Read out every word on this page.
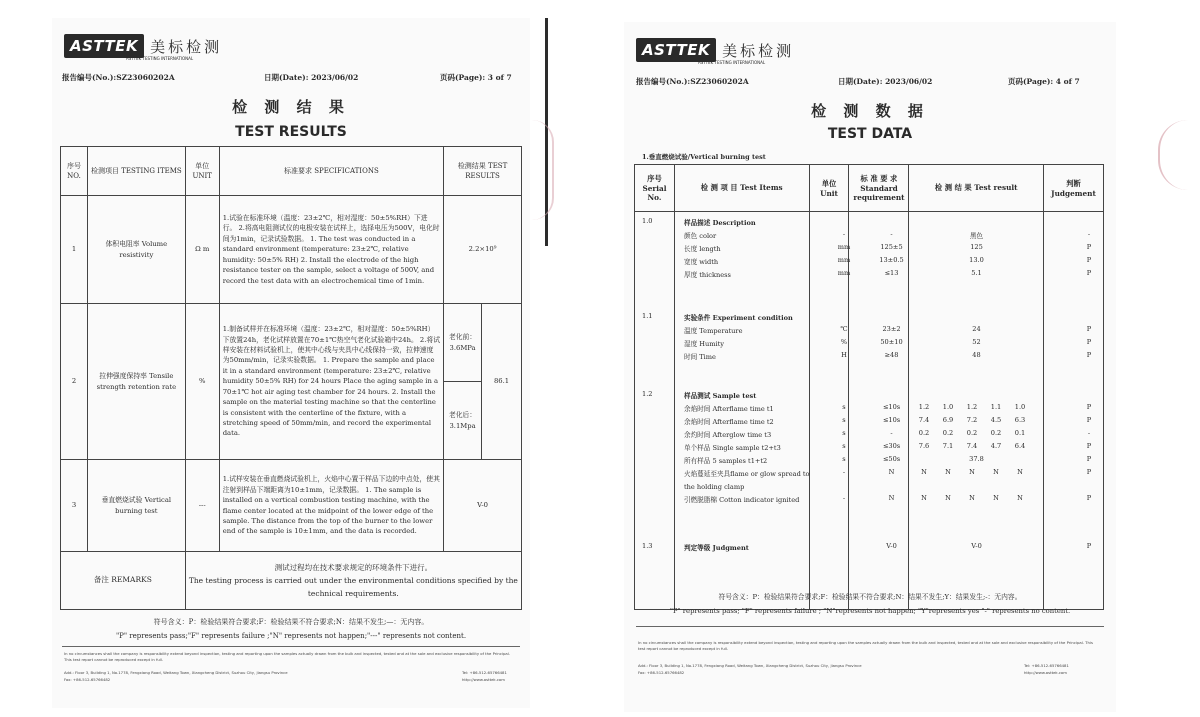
ASTTEK 美标检测
ASTTEK TESTING INTERNATIONAL
报告编号(No.):SZ23060202A	日期(Date): 2023/06/02	页码(Page): 3 of 7
检 测 结 果
TEST RESULTS
序号 NO.	检测项目 TESTING ITEMS	单位 UNIT	标准要求 SPECIFICATIONS	检测结果 TEST RESULTS	
1	体积电阻率 Volume resistivity	Ω m	1.试验在标准环境（温度：23±2℃，相对湿度：50±5%RH）下进行。 2.将高电阻测试仪的电极安装在试样上，选择电压为500V，电化时间为1min，记录试验数据。 1. The test was conducted in a standard environment (temperature: 23±2℃, relative humidity: 50±5% RH) 2. Install the electrode of the high resistance tester on the sample, select a voltage of 500V, and record the test data with an electrochemical time of 1min.	2.2×10⁹	
2	拉伸强度保持率 Tensile strength retention rate	%	1.制备试样并在标准环境（温度：23±2℃，相对湿度：50±5%RH）下放置24h，老化试样放置在70±1℃热空气老化试验箱中24h。 2.将试样安装在材料试验机上，使其中心线与夹具中心线保持一致，拉伸速度为50mm/min，记录实验数据。 1. Prepare the sample and place it in a standard environment (temperature: 23±2℃, relative humidity 50±5% RH) for 24 hours Place the aging sample in a 70±1℃ hot air aging test chamber for 24 hours. 2. Install the sample on the material testing machine so that the centerline is consistent with the centerline of the fixture, with a stretching speed of 50mm/min, and record the experimental data.	老化前：3.6MPa	86.1
				老化后：3.1Mpa	
3	垂直燃烧试验 Vertical burning test	---	1.试样安装在垂直燃烧试验机上，火焰中心置于样品下边的中点处，使其注射到样品下端距离为10±1mm，记录数据。 1. The sample is installed on a vertical combustion testing machine, with the flame center located at the midpoint of the lower edge of the sample. The distance from the top of the burner to the lower end of the sample is 10±1mm, and the data is recorded.	V-0	
备注 REMARKS		测试过程均在技术要求规定的环境条件下进行。
The testing process is carried out under the environmental conditions specified by the technical requirements.			
符号含义：P：检验结果符合要求;F：检验结果不符合要求;N：结果不发生;—：无内容。
"P" represents pass;"F" represents failure ;"N" represents not happen;"---" represents not content.
In no circumstances shall the company is responsibility extend beyond inspection, testing and reporting upon the samples actually drawn from the bulk and inspected, tested and at the sole and exclusive responsibility of the Principal. This test report cannot be reproduced except in full.
Add.: Floor 3, Building 1, No.1778, Fengxiang Road, Weitang Town, Xiangcheng District, Suzhou City, Jiangsu Province
Fax: +86-512-65766482
Tel: +86-512-65766481
http://www.asttek.com
ASTTEK 美标检测
ASTTEK TESTING INTERNATIONAL
报告编号(No.):SZ23060202A	日期(Date): 2023/06/02	页码(Page): 4 of 7
检 测 数 据
TEST DATA
1.垂直燃烧试验/Vertical burning test
序号 Serial No.	检 测 项 目 Test Items	单位 Unit	标 准 要 求 Standard requirement	检 测 结 果 Test result	判断 Judgement

1.0	样品描述 Description
颜色 color	-	-	黑色	-
长度 length	mm	125±5	125	P
宽度 width	mm	13±0.5	13.0	P
厚度 thickness	mm	≤13	5.1	P
1.1	实验条件 Experiment condition
温度 Temperature	℃	23±2	24	P
湿度 Humity	%	50±10	52	P
时间 Time	H	≥48	48	P
1.2	样品测试 Sample test
余焰时间 Afterflame time t1	s	≤10s	1.2	1.0	1.2	1.1	1.0	P
余焰时间 Afterflame time t2	s	≤10s	7.4	6.9	7.2	4.5	6.3	P
余灼时间 Afterglow time t3	s	-	0.2	0.2	0.2	0.2	0.1	-
单个样品 Single sample t2+t3	s	≤30s	7.6	7.1	7.4	4.7	6.4	P
所有样品 5 samples t1+t2	s	≤50s	37.8	P
火焰蔓延至夹具flame or glow spread to the holding clamp
-	N	N	N	N	N	N	P
引燃脱脂棉 Cotton indicator ignited	-	N	N	N	N	N	N	P
1.3	判定等级 Judgment	V-0	V-0	P
符号含义：P：检验结果符合要求;F：检验结果不符合要求;N：结果不发生;Y：结果发生;-：无内容。
"P" represents pass; "F" represents failure ; "N"represents not happen; "Y"represents yes "-" represents no content.
In no circumstances shall the company is responsibility extend beyond inspection, testing and reporting upon the samples actually drawn from the bulk and inspected, tested and at the sole and exclusive responsibility of the Principal. This test report cannot be reproduced except in full.
Add.: Floor 3, Building 1, No.1778, Fengxiang Road, Weitang Town, Xiangcheng District, Suzhou City, Jiangsu Province
Fax: +86-512-65766482
Tel: +86-512-65766481
http://www.asttek.com
